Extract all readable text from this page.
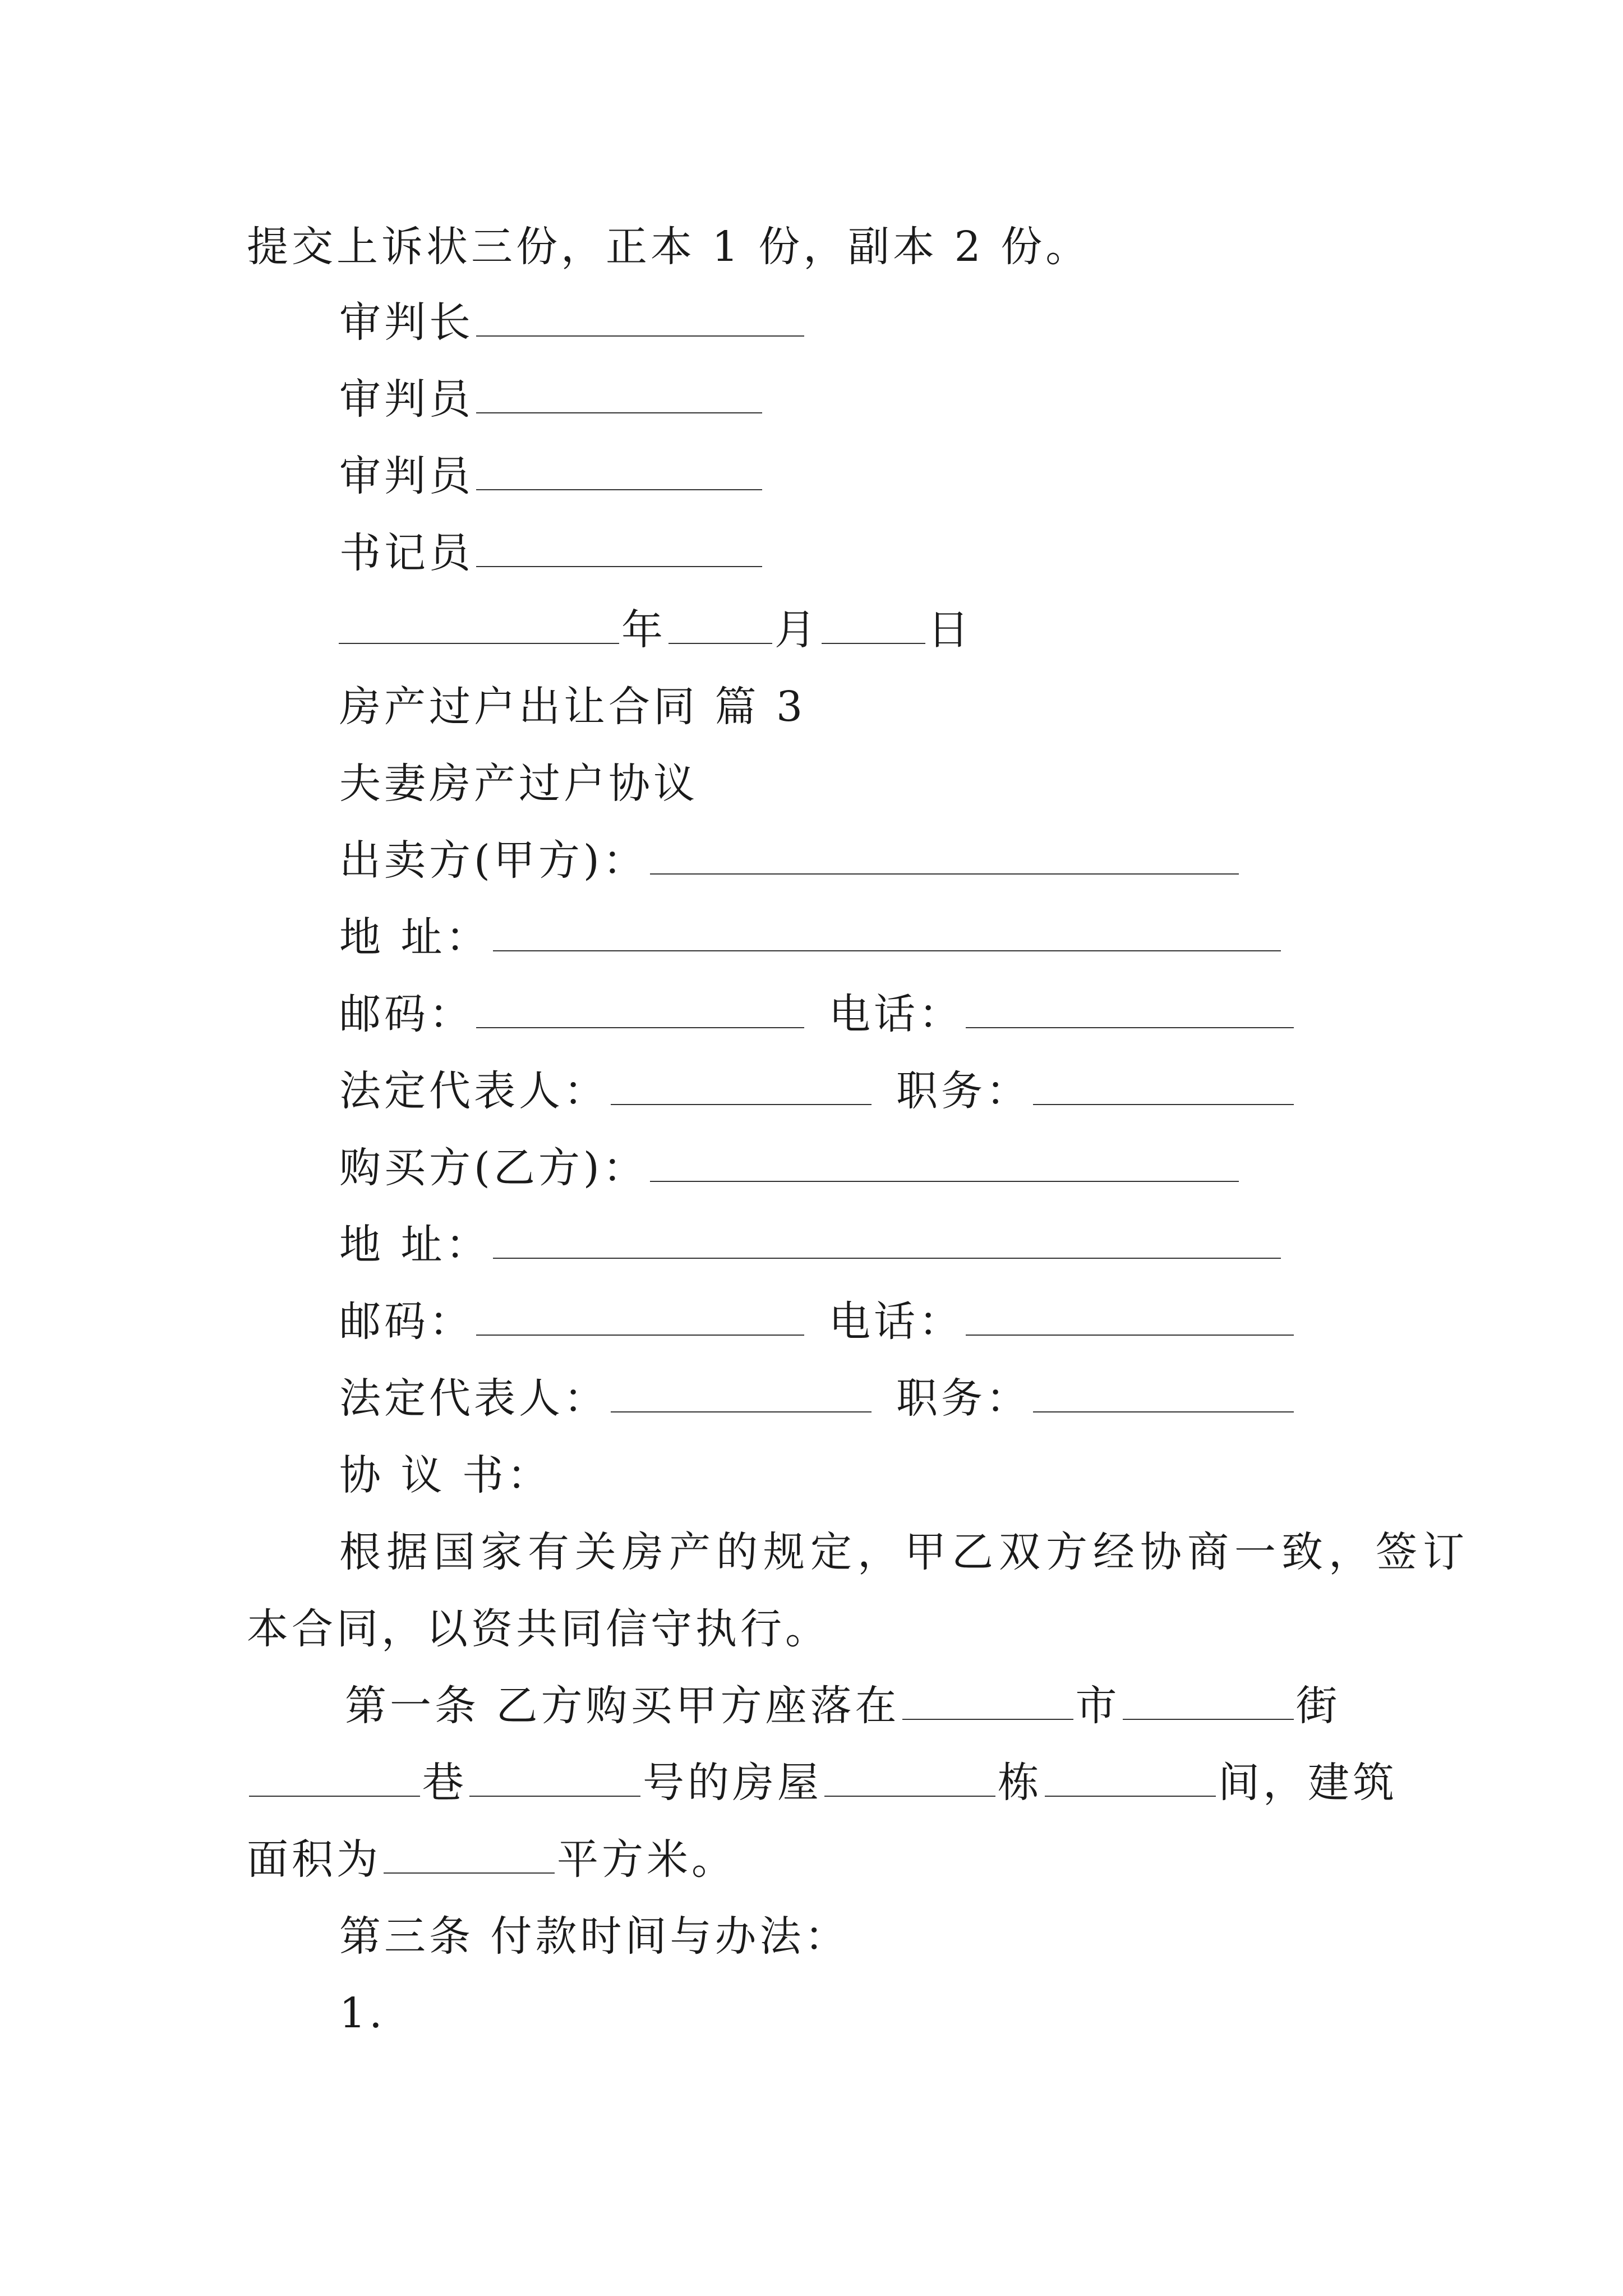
提交上诉状三份，正本 1 份，副本 2 份。
审判长
审判员
审判员
书记员
年	月	日
房产过户出让合同 篇 3
夫妻房产过户协议
出卖方(甲方)：
地 址：
邮码：	电话：
法定代表人：	职务：
购买方(乙方)：
地 址：
邮码：	电话：
法定代表人：	职务：
协 议 书：
根据国家有关房产的规定，甲乙双方经协商一致，签订
本合同，以资共同信守执行。
第一条 乙方购买甲方座落在	市	街
巷	号的房屋	栋	间，建筑
面积为	平方米。
第三条 付款时间与办法：
1.
